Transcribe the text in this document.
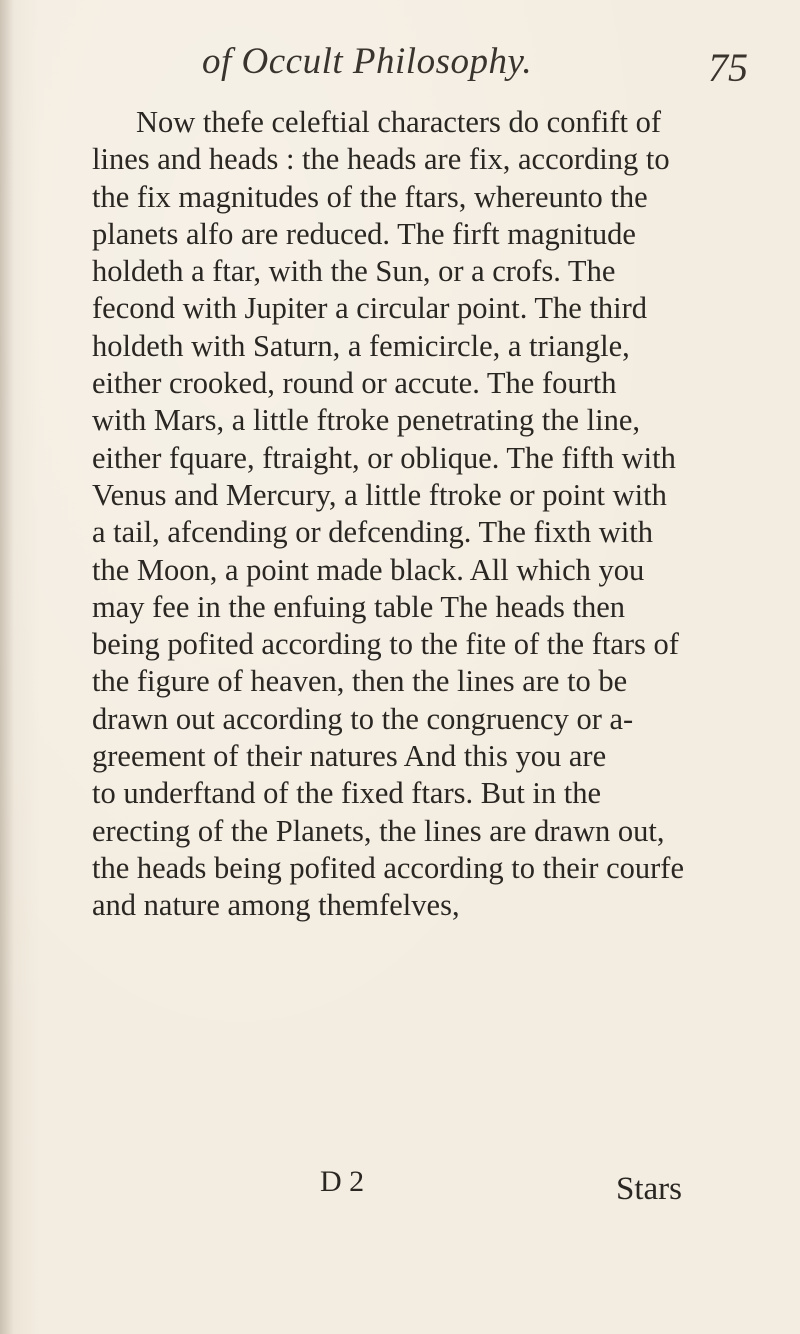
of Occult Philosophy.	75
Now thefe celeftial characters do confift of
lines and heads : the heads are fix, according to
the fix magnitudes of the ftars, whereunto the
planets alfo are reduced. The firft magnitude
holdeth a ftar, with the Sun, or a crofs. The
fecond with Jupiter a circular point. The third
holdeth with Saturn, a femicircle, a triangle,
either crooked, round or accute. The fourth
with Mars, a little ftroke penetrating the line,
either fquare, ftraight, or oblique. The fifth with
Venus and Mercury, a little ftroke or point with
a tail, afcending or defcending. The fixth with
the Moon, a point made black. All which you
may fee in the enfuing table The heads then
being pofited according to the fite of the ftars of
the figure of heaven, then the lines are to be
drawn out according to the congruency or a-
greement of their natures And this you are
to underftand of the fixed ftars. But in the
erecting of the Planets, the lines are drawn out,
the heads being pofited according to their courfe
and nature among themfelves,
D 2	Stars
